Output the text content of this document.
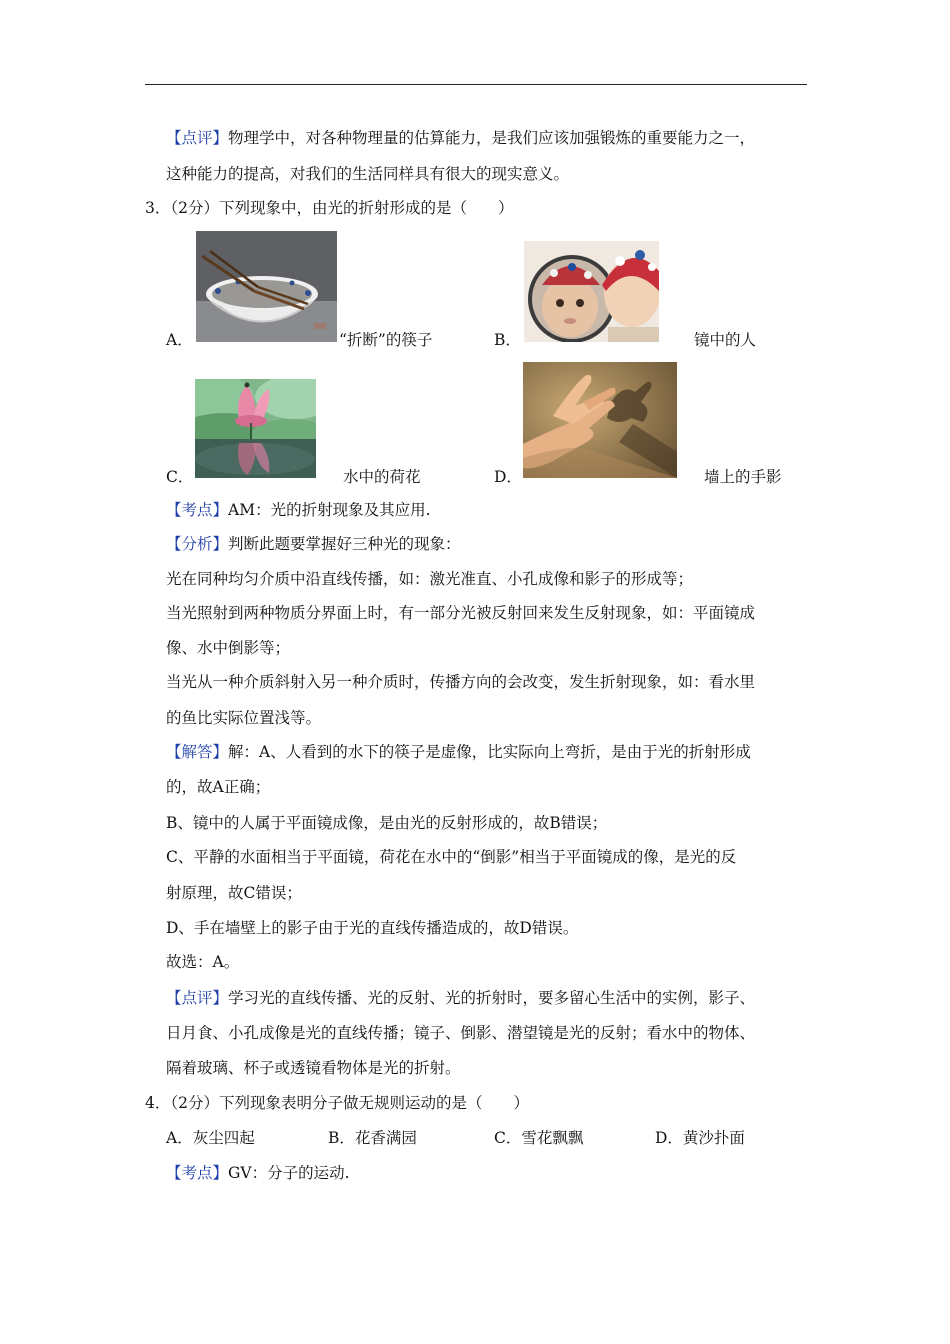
【点评】物理学中，对各种物理量的估算能力，是我们应该加强锻炼的重要能力之一，
这种能力的提高，对我们的生活同样具有很大的现实意义。
3．（2分）下列现象中，由光的折射形成的是（　　）
A．	“折断”的筷子	B．	镜中的人
C．	水中的荷花	D．	墙上的手影
【考点】AM：光的折射现象及其应用.
【分析】判断此题要掌握好三种光的现象：
光在同种均匀介质中沿直线传播，如：激光准直、小孔成像和影子的形成等；
当光照射到两种物质分界面上时，有一部分光被反射回来发生反射现象，如：平面镜成
像、水中倒影等；
当光从一种介质斜射入另一种介质时，传播方向的会改变，发生折射现象，如：看水里
的鱼比实际位置浅等。
【解答】解：A、人看到的水下的筷子是虚像，比实际向上弯折，是由于光的折射形成
的，故A正确；
B、镜中的人属于平面镜成像，是由光的反射形成的，故B错误；
C、平静的水面相当于平面镜，荷花在水中的“倒影”相当于平面镜成的像，是光的反
射原理，故C错误；
D、手在墙壁上的影子由于光的直线传播造成的，故D错误。
故选：A。
【点评】学习光的直线传播、光的反射、光的折射时，要多留心生活中的实例，影子、
日月食、小孔成像是光的直线传播；镜子、倒影、潜望镜是光的反射；看水中的物体、
隔着玻璃、杯子或透镜看物体是光的折射。
4．（2分）下列现象表明分子做无规则运动的是（　　）
A．灰尘四起	B．花香满园	C．雪花飘飘	D．黄沙扑面
【考点】GV：分子的运动.
